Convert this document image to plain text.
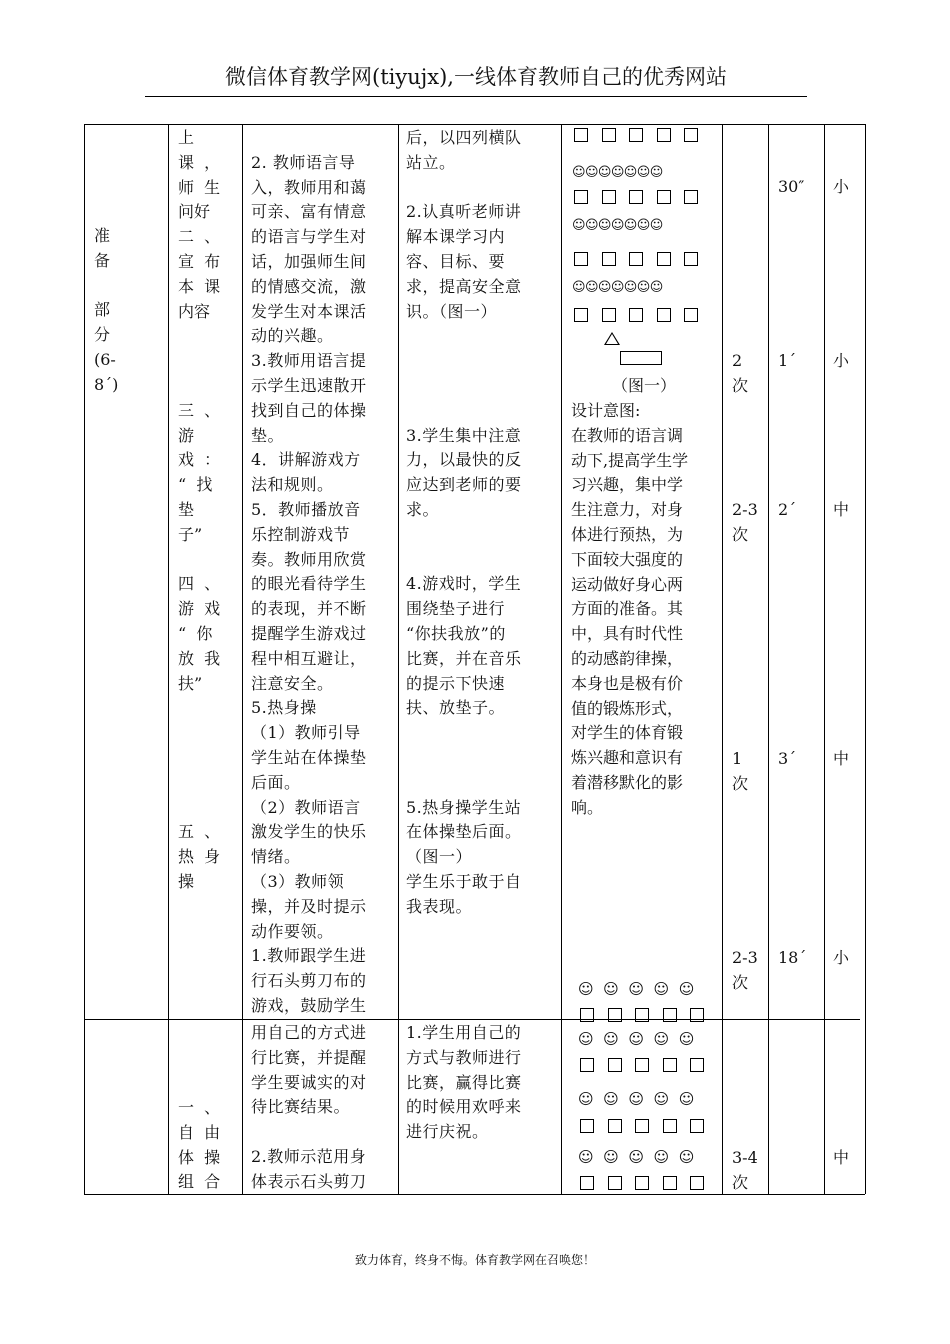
微信体育教学网(tiyujx),一线体育教师自己的优秀网站
准
备

部
分
(6-
8´)
上
课  ，
师  生
问好
二  、
宣  布
本  课
内容

三  、
游
戏  ：
“  找
垫
子”

四  、
游  戏
“  你
放  我
扶”

五  、
热  身
操

2. 教师语言导
入，教师用和蔼
可亲、富有情意
的语言与学生对
话，加强师生间
的情感交流，激
发学生对本课活
动的兴趣。
3.教师用语言提
示学生迅速散开
找到自己的体操
垫。
4．讲解游戏方
法和规则。
5．教师播放音
乐控制游戏节
奏。教师用欣赏
的眼光看待学生
的表现，并不断
提醒学生游戏过
程中相互避让，
注意安全。
5.热身操
（1）教师引导
学生站在体操垫
后面。
（2）教师语言
激发学生的快乐
情绪。
（3）教师领
操，并及时提示
动作要领。
1.教师跟学生进
行石头剪刀布的
游戏，鼓励学生
后，以四列横队
站立。

2.认真听老师讲
解本课学习内
容、目标、要
求，提高安全意
识。（图一）

3.学生集中注意
力，以最快的反
应达到老师的要
求。

4.游戏时，学生
围绕垫子进行
“你扶我放”的
比赛，并在音乐
的提示下快速
扶、放垫子。

5.热身操学生站
在体操垫后面。
（图一）
学生乐于敢于自
我表现。
☺☺☺☺☺☺☺
☺☺☺☺☺☺☺
☺☺☺☺☺☺☺
（图一）
设计意图:
在教师的语言调
动下,提高学生学
习兴趣，集中学
生注意力，对身
体进行预热，为
下面较大强度的
运动做好身心两
方面的准备。其
中，具有时代性
的动感韵律操，
本身也是极有价
值的锻炼形式，
对学生的体育锻
炼兴趣和意识有
着潜移默化的影
响。
☺  ☺  ☺  ☺  ☺
30″ 小
2
次
1´ 小
2-3
次
2´ 中
1
次
3´ 中
2-3
次
18´ 小
一  、
自  由
体  操
组  合
用自己的方式进
行比赛，并提醒
学生要诚实的对
待比赛结果。

2.教师示范用身
体表示石头剪刀
1.学生用自己的
方式与教师进行
比赛，赢得比赛
的时候用欢呼来
进行庆祝。
☺  ☺  ☺  ☺  ☺
☺  ☺  ☺  ☺  ☺
☺  ☺  ☺  ☺  ☺ 3-4
次
中
致力体育，终身不悔。体育教学网在召唤您！
